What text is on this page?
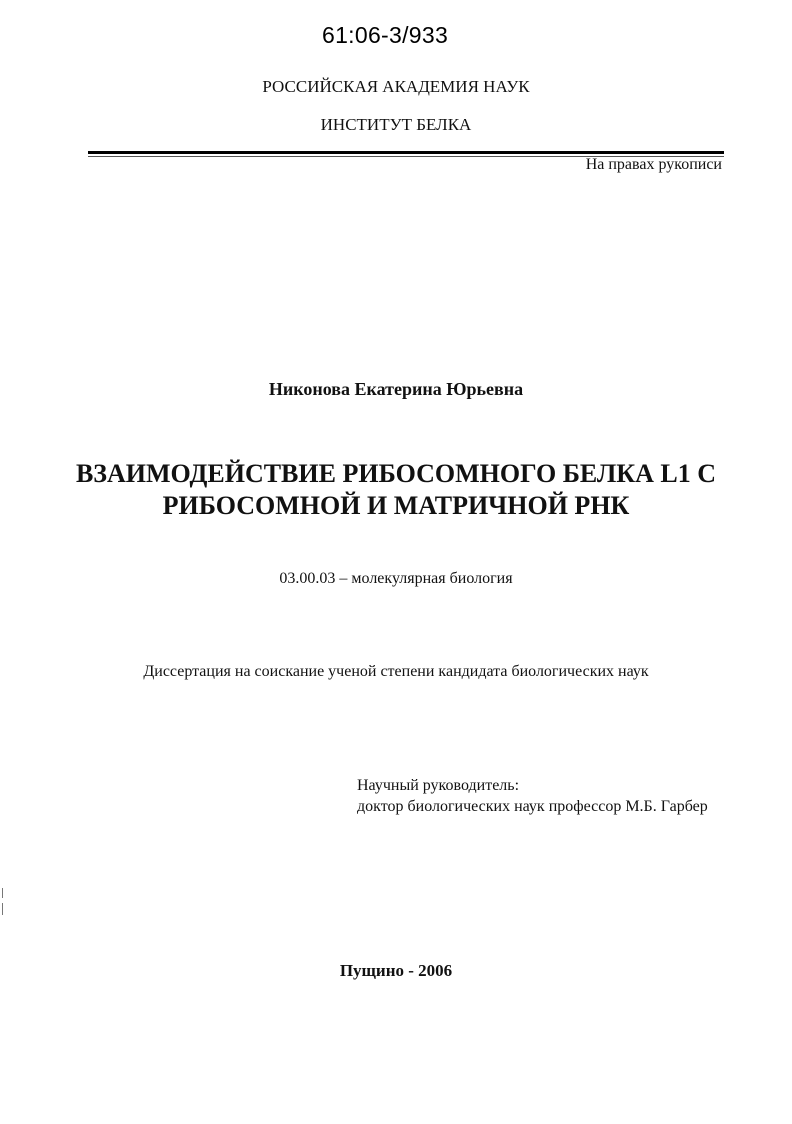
61:06-3/933
РОССИЙСКАЯ АКАДЕМИЯ НАУК
ИНСТИТУТ БЕЛКА
На правах рукописи
Никонова Екатерина Юрьевна
ВЗАИМОДЕЙСТВИЕ РИБОСОМНОГО БЕЛКА L1 С
РИБОСОМНОЙ И МАТРИЧНОЙ РНК
03.00.03 – молекулярная биология
Диссертация на соискание ученой степени кандидата биологических наук
Научный руководитель:
доктор биологических наук профессор М.Б. Гарбер
Пущино - 2006
